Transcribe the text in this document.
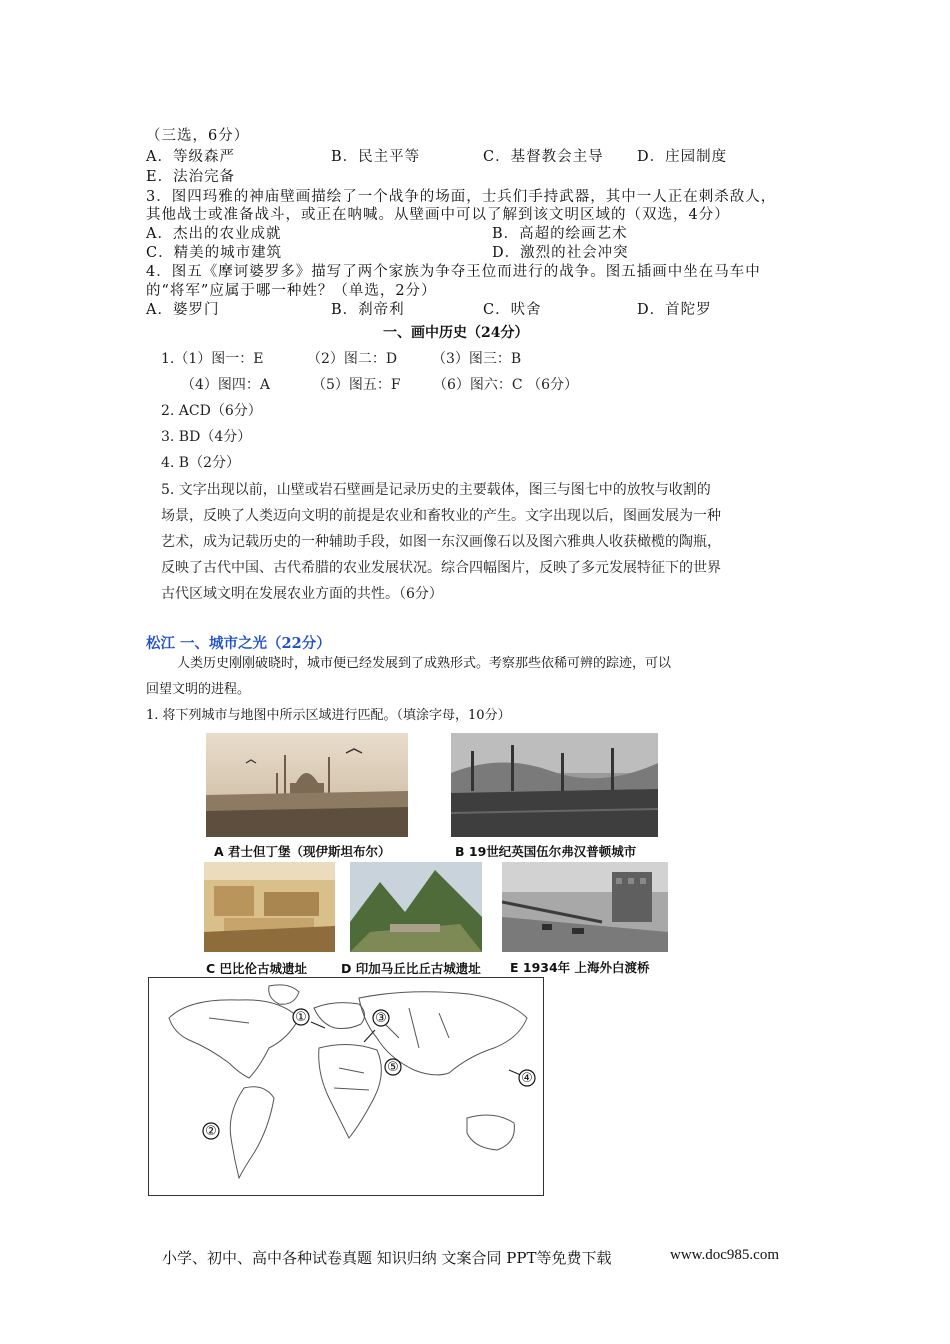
（三选，6分）
A．等级森严	B．民主平等	C．基督教会主导 D．庄园制度
E．法治完备
3．图四玛雅的神庙壁画描绘了一个战争的场面，士兵们手持武器，其中一人正在刺杀敌人，
其他战士或准备战斗，或正在呐喊。从壁画中可以了解到该文明区域的（双选，4分）
A．杰出的农业成就	B．高超的绘画艺术
C．精美的城市建筑	D．激烈的社会冲突
4．图五《摩诃婆罗多》描写了两个家族为争夺王位而进行的战争。图五插画中坐在马车中
的“将军”应属于哪一种姓？（单选，2分）
A．婆罗门	B．刹帝利	C．吠舍	D．首陀罗
一、画中历史（24分）
1.（1）图一：E	（2）图二：D （3）图三：B
（4）图四：A	（5）图五：F （6）图六：C （6分）
2. ACD（6分）
3. BD（4分）
4. B（2分）
5. 文字出现以前，山壁或岩石壁画是记录历史的主要载体，图三与图七中的放牧与收割的
场景，反映了人类迈向文明的前提是农业和畜牧业的产生。文字出现以后，图画发展为一种
艺术，成为记载历史的一种辅助手段，如图一东汉画像石以及图六雅典人收获橄榄的陶瓶，
反映了古代中国、古代希腊的农业发展状况。综合四幅图片，反映了多元发展特征下的世界
古代区域文明在发展农业方面的共性。（6分）
松江 一、城市之光（22分）
人类历史刚刚破晓时，城市便已经发展到了成熟形式。考察那些依稀可辨的踪迹，可以
回望文明的进程。
1. 将下列城市与地图中所示区域进行匹配。（填涂字母，10分）
A 君士但丁堡（现伊斯坦布尔）	B 19世纪英国伍尔弗汉普顿城市
C 巴比伦古城遗址	D 印加马丘比丘古城遗址 E 1934年 上海外白渡桥
①
②
③
④
⑤
小学、初中、高中各种试卷真题 知识归纳 文案合同 PPT等免费下载	www.doc985.com
